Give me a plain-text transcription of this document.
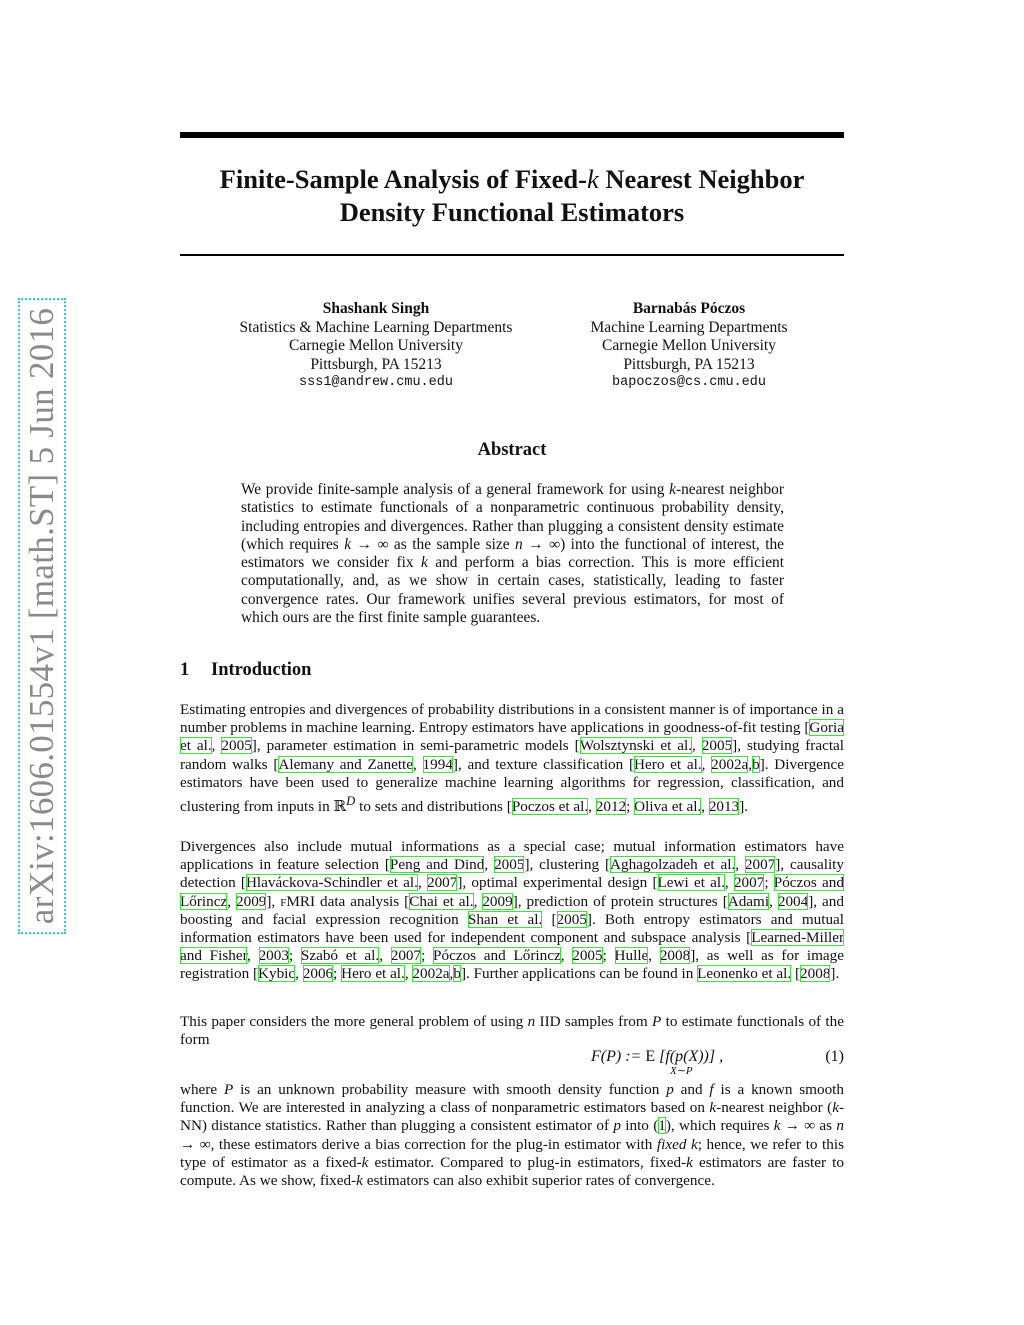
arXiv:1606.01554v1 [math.ST] 5 Jun 2016
Finite-Sample Analysis of Fixed-k Nearest Neighbor
Density Functional Estimators
Shashank Singh
Statistics & Machine Learning Departments
Carnegie Mellon University
Pittsburgh, PA 15213
sss1@andrew.cmu.edu
Barnabás Póczos
Machine Learning Departments
Carnegie Mellon University
Pittsburgh, PA 15213
bapoczos@cs.cmu.edu
Abstract

We provide finite-sample analysis of a general framework for using k-nearest neighbor statistics to estimate functionals of a nonparametric continuous probability density, including entropies and divergences. Rather than plugging a consistent density estimate (which requires k → ∞ as the sample size n → ∞) into the functional of interest, the estimators we consider fix k and perform a bias correction. This is more efficient computationally, and, as we show in certain cases, statistically, leading to faster convergence rates. Our framework unifies several previous estimators, for most of which ours are the first finite sample guarantees.

1 Introduction

Estimating entropies and divergences of probability distributions in a consistent manner is of importance in a number problems in machine learning. Entropy estimators have applications in goodness-of-fit testing [Goria et al., 2005], parameter estimation in semi-parametric models [Wolsztynski et al., 2005], studying fractal random walks [Alemany and Zanette, 1994], and texture classification [Hero et al., 2002a,b]. Divergence estimators have been used to generalize machine learning algorithms for regression, classification, and clustering from inputs in ℝ$^D$ to sets and distributions [Poczos et al., 2012; Oliva et al., 2013].

Divergences also include mutual informations as a special case; mutual information estimators have applications in feature selection [Peng and Dind, 2005], clustering [Aghagolzadeh et al., 2007], causality detection [Hlaváckova-Schindler et al., 2007], optimal experimental design [Lewi et al., 2007; Póczos and Lőrincz, 2009], fMRI data analysis [Chai et al., 2009], prediction of protein structures [Adami, 2004], and boosting and facial expression recognition Shan et al. [2005]. Both entropy estimators and mutual information estimators have been used for independent component and subspace analysis [Learned-Miller and Fisher, 2003; Szabó et al., 2007; Póczos and Lőrincz, 2005; Hulle, 2008], as well as for image registration [Kybic, 2006; Hero et al., 2002a,b]. Further applications can be found in Leonenko et al. [2008].

This paper considers the more general problem of using n IID samples from P to estimate functionals of the form

F(P) := E [f(p(X))] ,
X∼P
(1)

where P is an unknown probability measure with smooth density function p and f is a known smooth function. We are interested in analyzing a class of nonparametric estimators based on k-nearest neighbor (k-NN) distance statistics. Rather than plugging a consistent estimator of p into (1), which requires k → ∞ as n → ∞, these estimators derive a bias correction for the plug-in estimator with fixed k; hence, we refer to this type of estimator as a fixed-k estimator. Compared to plug-in estimators, fixed-k estimators are faster to compute. As we show, fixed-k estimators can also exhibit superior rates of convergence.
